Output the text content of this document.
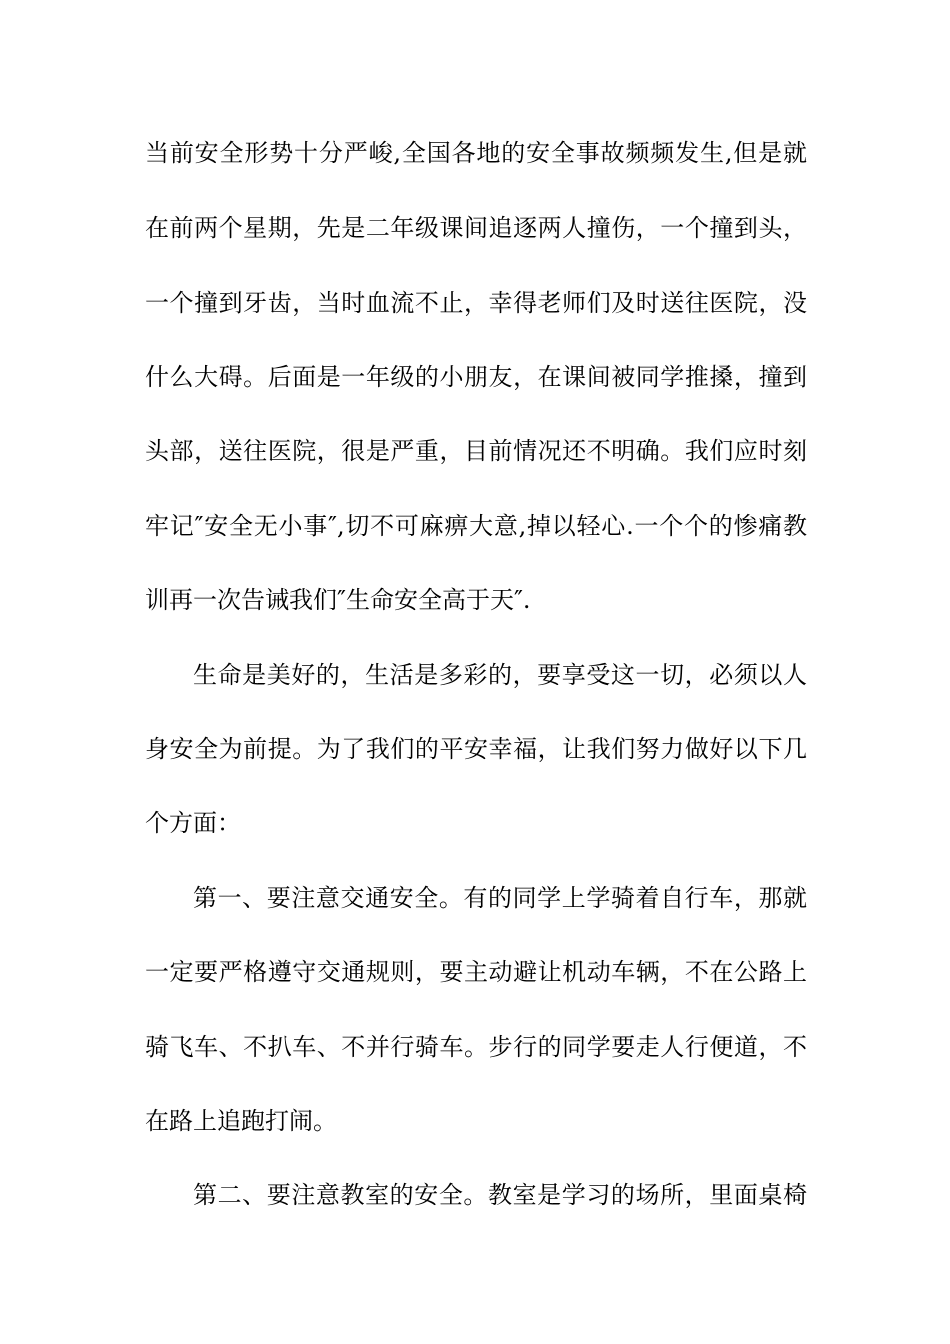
当前安全形势十分严峻,全国各地的安全事故频频发生,但是就
在前两个星期，先是二年级课间追逐两人撞伤，一个撞到头，
一个撞到牙齿，当时血流不止，幸得老师们及时送往医院，没
什么大碍。后面是一年级的小朋友，在课间被同学推搡，撞到
头部，送往医院，很是严重，目前情况还不明确。我们应时刻
牢记″安全无小事″,切不可麻痹大意,掉以轻心.一个个的惨痛教
训再一次告诫我们″生命安全高于天″.
生命是美好的，生活是多彩的，要享受这一切，必须以人
身安全为前提。为了我们的平安幸福，让我们努力做好以下几
个方面：
第一、要注意交通安全。有的同学上学骑着自行车，那就
一定要严格遵守交通规则，要主动避让机动车辆，不在公路上
骑飞车、不扒车、不并行骑车。步行的同学要走人行便道，不
在路上追跑打闹。
第二、要注意教室的安全。教室是学习的场所，里面桌椅
